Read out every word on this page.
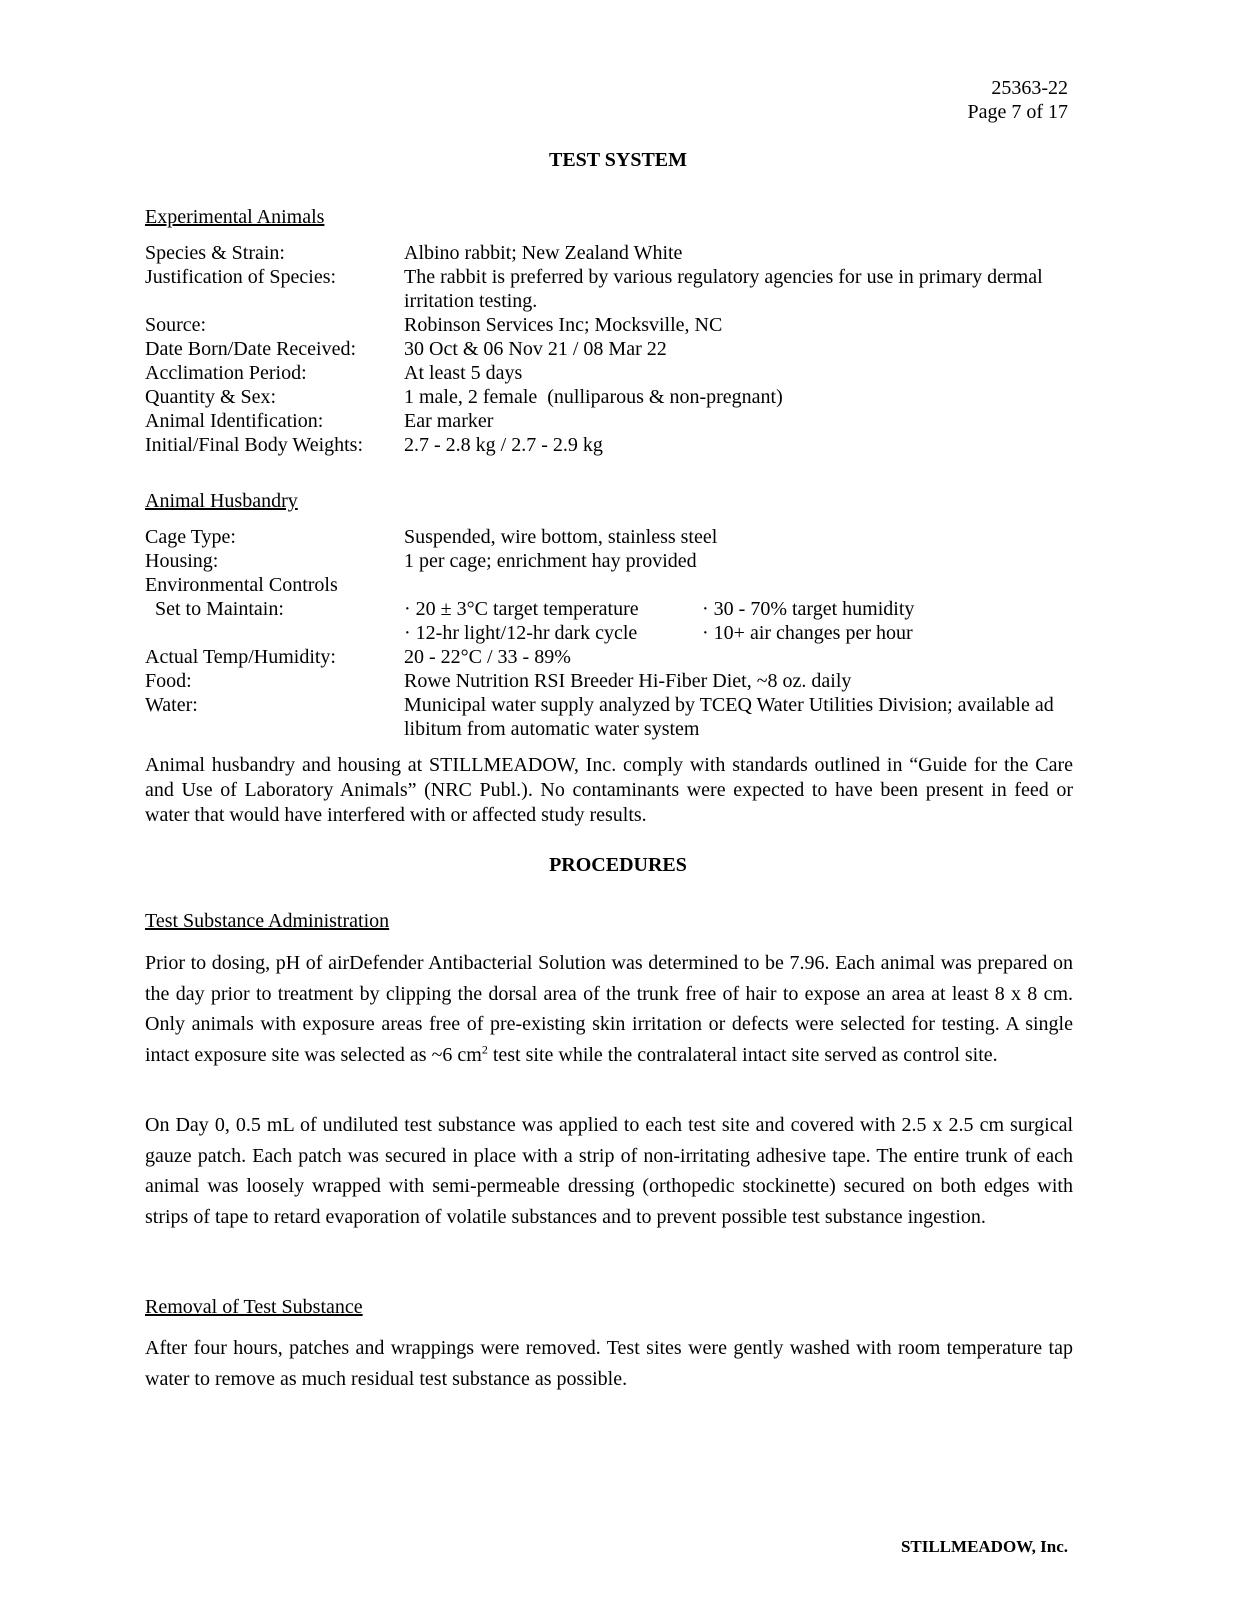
25363-22
Page 7 of 17
TEST SYSTEM
Experimental Animals
Species & Strain:	Albino rabbit; New Zealand White
Justification of Species:	The rabbit is preferred by various regulatory agencies for use in primary dermal irritation testing.
Source:	Robinson Services Inc; Mocksville, NC
Date Born/Date Received: 30 Oct & 06 Nov 21 / 08 Mar 22
Acclimation Period:	At least 5 days
Quantity & Sex:	1 male, 2 female  (nulliparous & non-pregnant)
Animal Identification:	Ear marker
Initial/Final Body Weights: 2.7 - 2.8 kg / 2.7 - 2.9 kg
Animal Husbandry
Cage Type:	Suspended, wire bottom, stainless steel
Housing:	1 per cage; enrichment hay provided
Environmental Controls
Set to Maintain:	· 20 ± 3°C target temperature	· 30 - 70% target humidity
· 12-hr light/12-hr dark cycle	· 10+ air changes per hour
Actual Temp/Humidity:	20 - 22°C / 33 - 89%
Food:	Rowe Nutrition RSI Breeder Hi-Fiber Diet, ~8 oz. daily
Water:	Municipal water supply analyzed by TCEQ Water Utilities Division; available ad libitum from automatic water system
Animal husbandry and housing at STILLMEADOW, Inc. comply with standards outlined in “Guide for the Care and Use of Laboratory Animals” (NRC Publ.). No contaminants were expected to have been present in feed or water that would have interfered with or affected study results.
PROCEDURES
Test Substance Administration
Prior to dosing, pH of airDefender Antibacterial Solution was determined to be 7.96. Each animal was prepared on the day prior to treatment by clipping the dorsal area of the trunk free of hair to expose an area at least 8 x 8 cm. Only animals with exposure areas free of pre-existing skin irritation or defects were selected for testing. A single intact exposure site was selected as ~6 $cm^2$ test site while the contralateral intact site served as control site.
On Day 0, 0.5 mL of undiluted test substance was applied to each test site and covered with 2.5 x 2.5 cm surgical gauze patch. Each patch was secured in place with a strip of non-irritating adhesive tape. The entire trunk of each animal was loosely wrapped with semi-permeable dressing (orthopedic stockinette) secured on both edges with strips of tape to retard evaporation of volatile substances and to prevent possible test substance ingestion.
Removal of Test Substance
After four hours, patches and wrappings were removed. Test sites were gently washed with room temperature tap water to remove as much residual test substance as possible.
STILLMEADOW, Inc.
